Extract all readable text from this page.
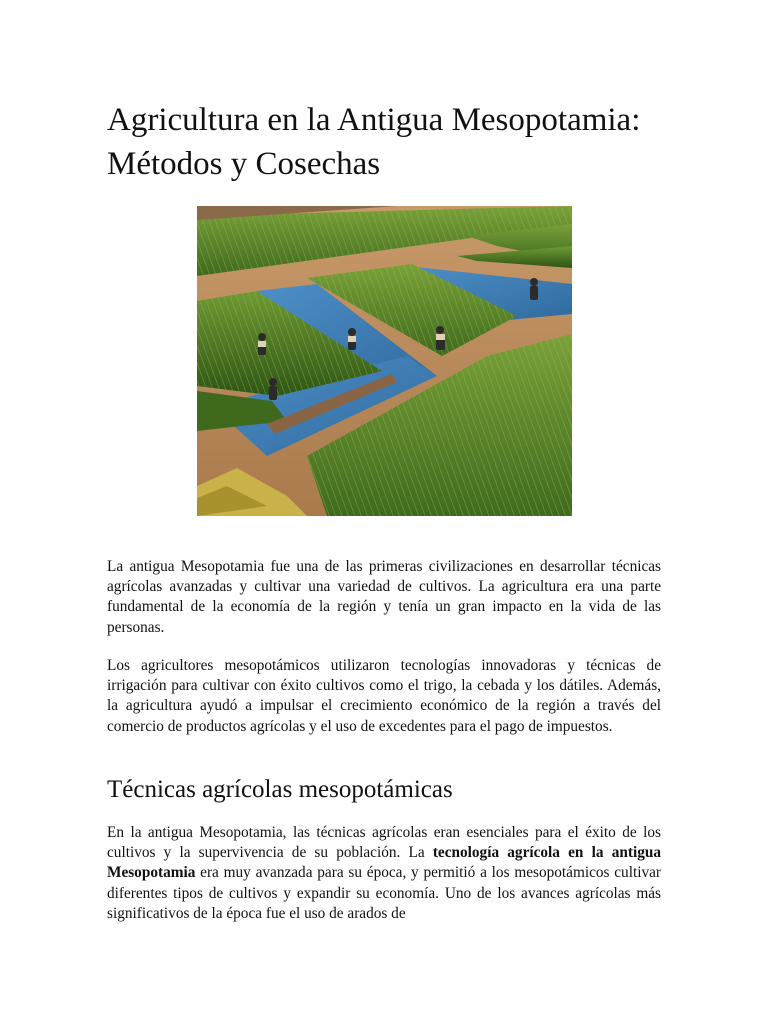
Agricultura en la Antigua Mesopotamia: Métodos y Cosechas

La antigua Mesopotamia fue una de las primeras civilizaciones en desarrollar técnicas agrícolas avanzadas y cultivar una variedad de cultivos. La agricultura era una parte fundamental de la economía de la región y tenía un gran impacto en la vida de las personas.

Los agricultores mesopotámicos utilizaron tecnologías innovadoras y técnicas de irrigación para cultivar con éxito cultivos como el trigo, la cebada y los dátiles. Además, la agricultura ayudó a impulsar el crecimiento económico de la región a través del comercio de productos agrícolas y el uso de excedentes para el pago de impuestos.

Técnicas agrícolas mesopotámicas

En la antigua Mesopotamia, las técnicas agrícolas eran esenciales para el éxito de los cultivos y la supervivencia de su población. La tecnología agrícola en la antigua Mesopotamia era muy avanzada para su época, y permitió a los mesopotámicos cultivar diferentes tipos de cultivos y expandir su economía. Uno de los avances agrícolas más significativos de la época fue el uso de arados de
